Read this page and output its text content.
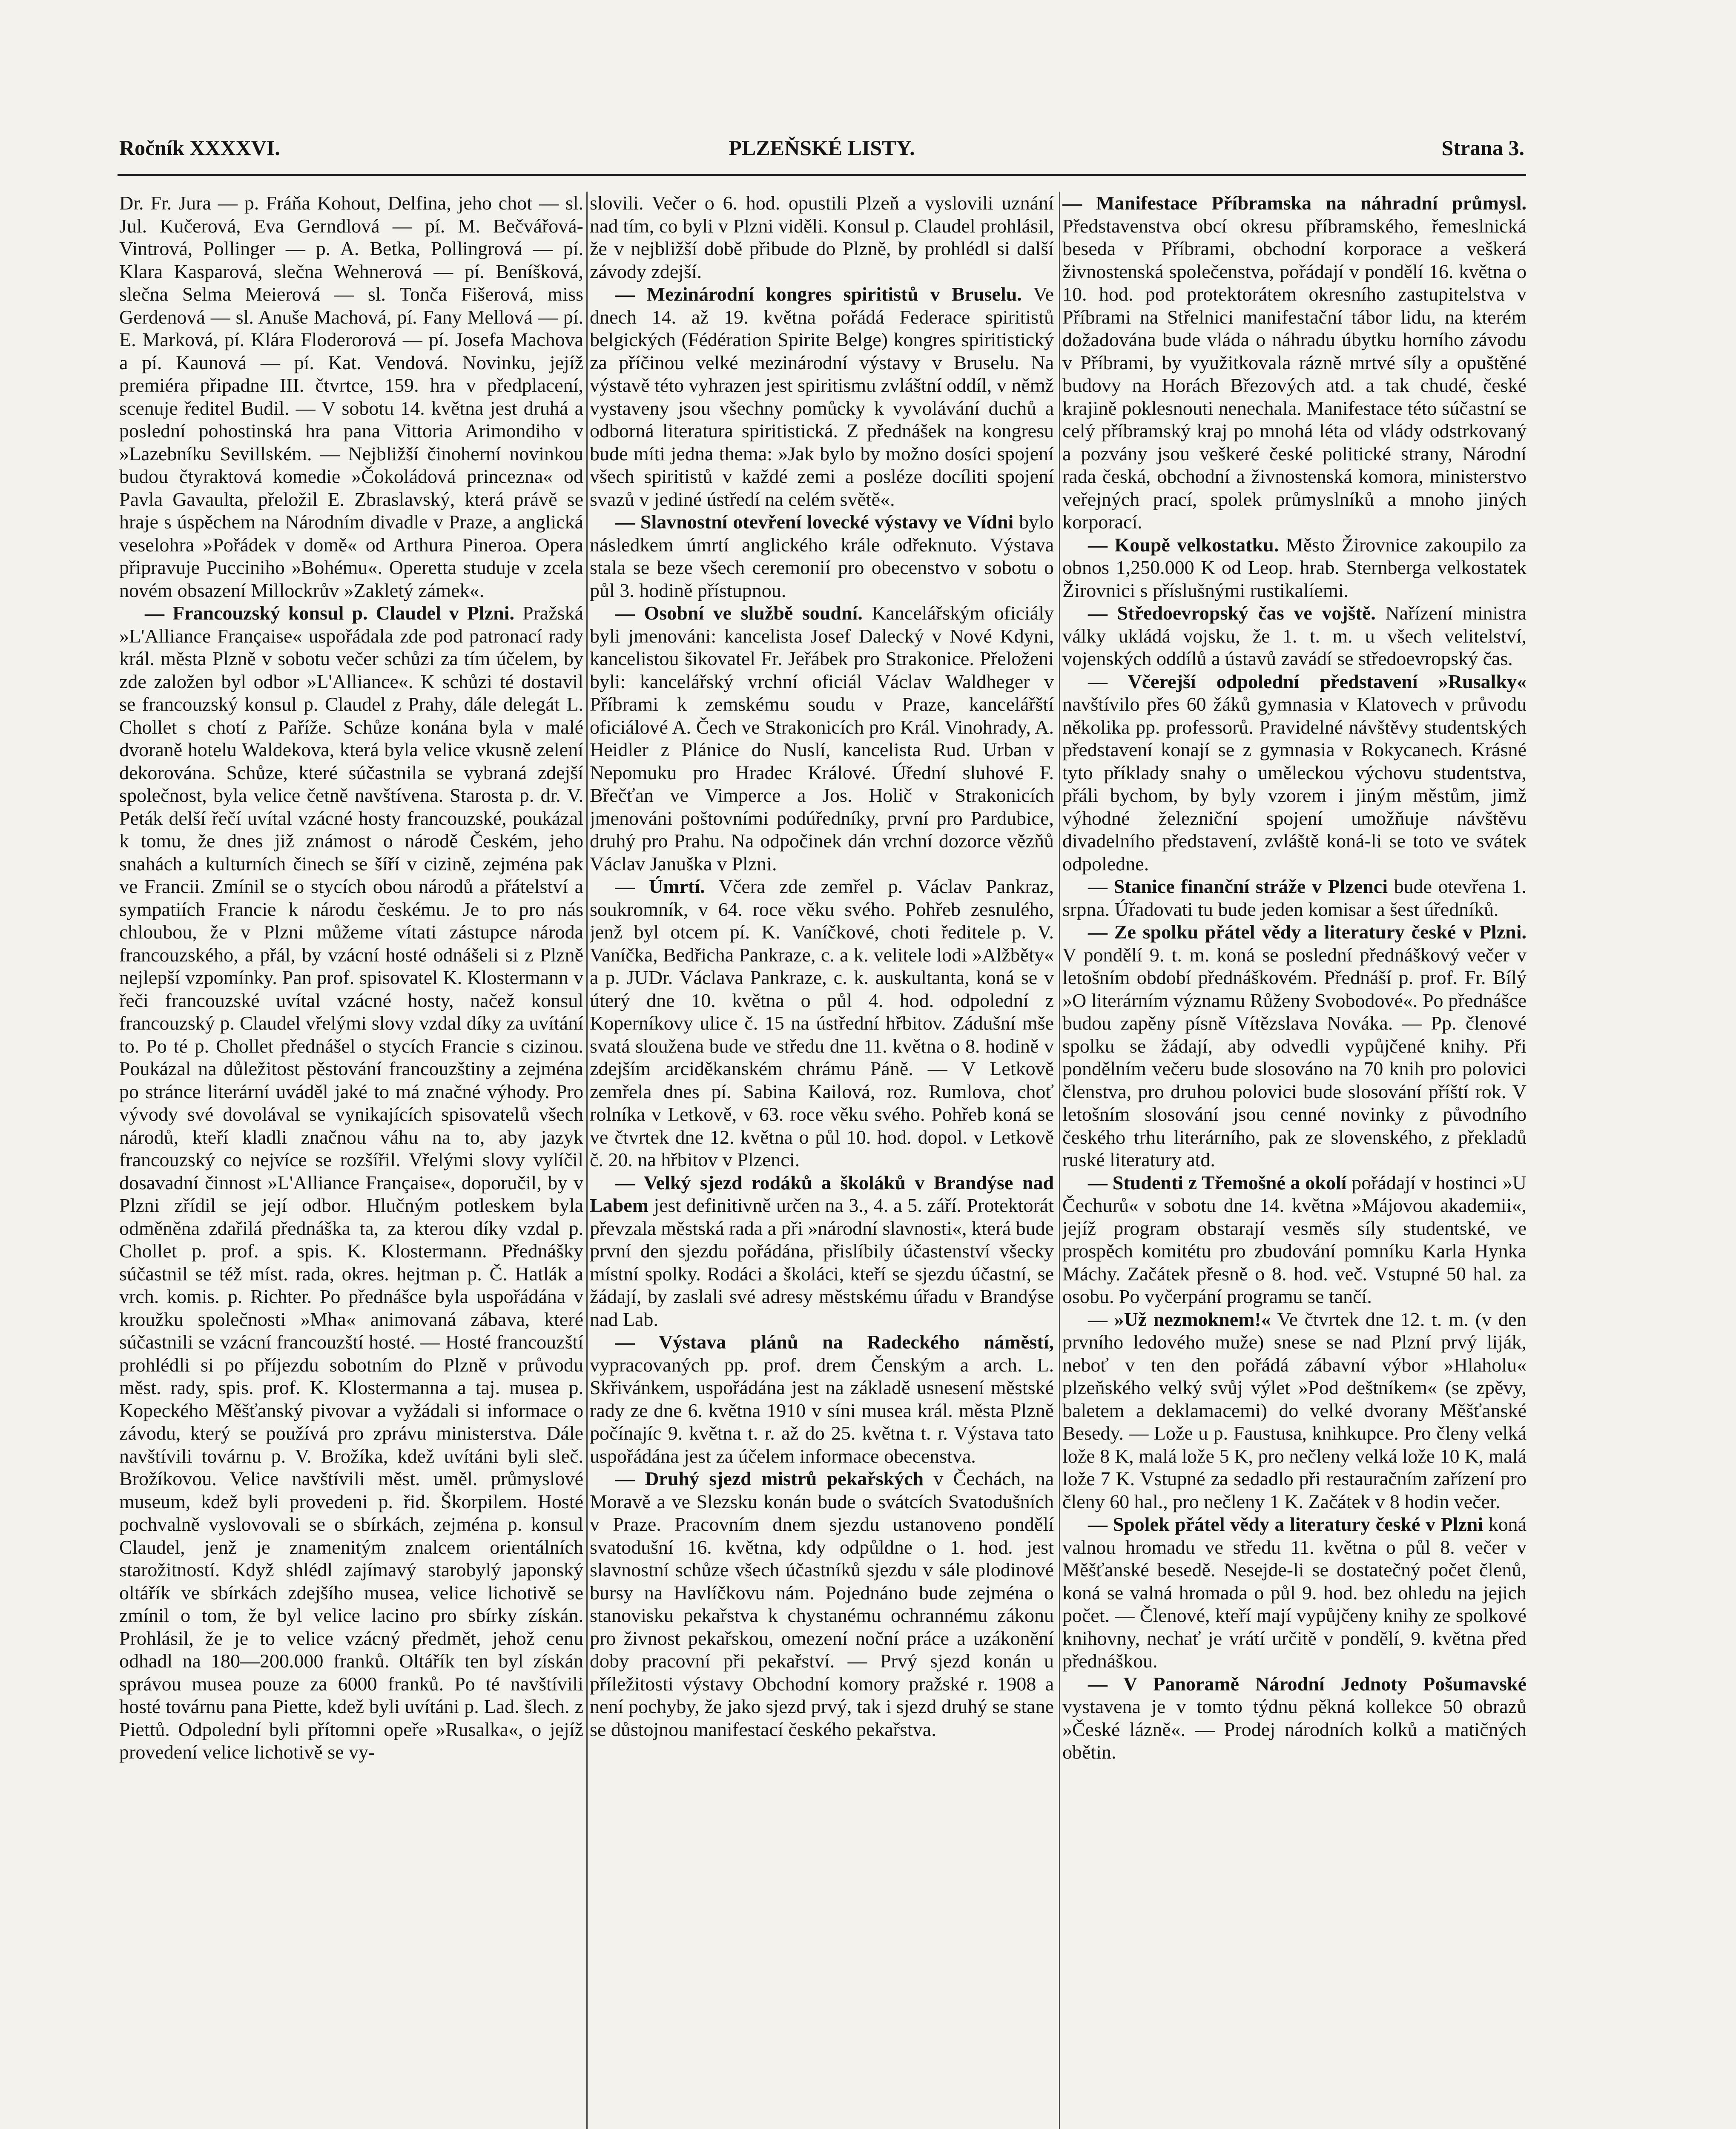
Ročník XXXXVI.	PLZEŇSKÉ LISTY.	Strana 3.

Dr. Fr. Jura — p. Fráňa Kohout, Delfina, jeho chot — sl. Jul. Kučerová, Eva Gerndlová — pí. M. Bečvářová-Vintrová, Pollinger — p. A. Betka, Pollingrová — pí. Klara Kasparová, slečna Wehnerová — pí. Beníšková, slečna Selma Meierová — sl. Tonča Fišerová, miss Gerdenová — sl. Anuše Machová, pí. Fany Mellová — pí. E. Marková, pí. Klára Floderorová — pí. Josefa Machova a pí. Kaunová — pí. Kat. Vendová. Novinku, jejíž premiéra připadne III. čtvrtce, 159. hra v předplacení, scenuje ředitel Budil. — V sobotu 14. května jest druhá a poslední pohostinská hra pana Vittoria Arimondiho v »Lazebníku Sevillském. — Nejbližší činoherní novinkou budou čtyraktová komedie »Čokoládová princezna« od Pavla Gavaulta, přeložil E. Zbraslavský, která právě se hraje s úspěchem na Národním divadle v Praze, a anglická veselohra »Pořádek v domě« od Arthura Pineroa. Opera připravuje Pucciniho »Bohému«. Operetta studuje v zcela novém obsazení Millockrův »Zakletý zámek«.

— Francouzský konsul p. Claudel v Plzni. Pražská »L'Alliance Française« uspořádala zde pod patronací rady král. města Plzně v sobotu večer schůzi za tím účelem, by zde založen byl odbor »L'Alliance«. K schůzi té dostavil se francouzský konsul p. Claudel z Prahy, dále delegát L. Chollet s chotí z Paříže. Schůze konána byla v malé dvoraně hotelu Waldekova, která byla velice vkusně zelení dekorována. Schůze, které súčastnila se vybraná zdejší společnost, byla velice četně navštívena. Starosta p. dr. V. Peták delší řečí uvítal vzácné hosty francouzské, poukázal k tomu, že dnes již známost o národě Českém, jeho snahách a kulturních činech se šíří v cizině, zejména pak ve Francii. Zmínil se o stycích obou národů a přátelství a sympatiích Francie k národu českému. Je to pro nás chloubou, že v Plzni můžeme vítati zástupce národa francouzského, a přál, by vzácní hosté odnášeli si z Plzně nejlepší vzpomínky. Pan prof. spisovatel K. Klostermann v řeči francouzské uvítal vzácné hosty, načež konsul francouzský p. Claudel vřelými slovy vzdal díky za uvítání to. Po té p. Chollet přednášel o stycích Francie s cizinou. Poukázal na důležitost pěstování francouzštiny a zejména po stránce literární uváděl jaké to má značné výhody. Pro vývody své dovolával se vynikajících spisovatelů všech národů, kteří kladli značnou váhu na to, aby jazyk francouzský co nejvíce se rozšířil. Vřelými slovy vylíčil dosavadní činnost »L'Alliance Française«, doporučil, by v Plzni zřídil se její odbor. Hlučným potleskem byla odměněna zdařilá přednáška ta, za kterou díky vzdal p. Chollet p. prof. a spis. K. Klostermann. Přednášky súčastnil se též míst. rada, okres. hejtman p. Č. Hatlák a vrch. komis. p. Richter. Po přednášce byla uspořádána v kroužku společnosti »Mha« animovaná zábava, které súčastnili se vzácní francouzští hosté. — Hosté francouzští prohlédli si po příjezdu sobotním do Plzně v průvodu měst. rady, spis. prof. K. Klostermanna a taj. musea p. Kopeckého Měšťanský pivovar a vyžádali si informace o závodu, který se používá pro zprávu ministerstva. Dále navštívili továrnu p. V. Brožíka, kdež uvítáni byli sleč. Brožíkovou. Velice navštívili měst. uměl. průmyslové museum, kdež byli provedeni p. řid. Škorpilem. Hosté pochvalně vyslovovali se o sbírkách, zejména p. konsul Claudel, jenž je znamenitým znalcem orientálních starožitností. Když shlédl zajímavý starobylý japonský oltářík ve sbírkách zdejšího musea, velice lichotivě se zmínil o tom, že byl velice lacino pro sbírky získán. Prohlásil, že je to velice vzácný předmět, jehož cenu odhadl na 180—200.000 franků. Oltářík ten byl získán správou musea pouze za 6000 franků. Po té navštívili hosté továrnu pana Piette, kdež byli uvítáni p. Lad. šlech. z Piettů. Odpolední byli přítomni opeře »Rusalka«, o jejíž provedení velice lichotivě se vy-

slovili. Večer o 6. hod. opustili Plzeň a vyslovili uznání nad tím, co byli v Plzni viděli. Konsul p. Claudel prohlásil, že v nejbližší době přibude do Plzně, by prohlédl si další závody zdejší.

— Mezinárodní kongres spiritistů v Bruselu. Ve dnech 14. až 19. května pořádá Federace spiritistů belgických (Fédération Spirite Belge) kongres spiritistický za příčinou velké mezinárodní výstavy v Bruselu. Na výstavě této vyhrazen jest spiritismu zvláštní oddíl, v němž vystaveny jsou všechny pomůcky k vyvolávání duchů a odborná literatura spiritistická. Z přednášek na kongresu bude míti jedna thema: »Jak bylo by možno dosíci spojení všech spiritistů v každé zemi a posléze docíliti spojení svazů v jediné ústředí na celém světě«.

— Slavnostní otevření lovecké výstavy ve Vídni bylo následkem úmrtí anglického krále odřeknuto. Výstava stala se beze všech ceremonií pro obecenstvo v sobotu o půl 3. hodině přístupnou.

— Osobní ve službě soudní. Kancelářským oficiály byli jmenováni: kancelista Josef Dalecký v Nové Kdyni, kancelistou šikovatel Fr. Jeřábek pro Strakonice. Přeloženi byli: kancelářský vrchní oficiál Václav Waldheger v Příbrami k zemskému soudu v Praze, kancelářští oficiálové A. Čech ve Strakonicích pro Král. Vinohrady, A. Heidler z Plánice do Nuslí, kancelista Rud. Urban v Nepomuku pro Hradec Králové. Úřední sluhové F. Břečťan ve Vimperce a Jos. Holič v Strakonicích jmenováni poštovními podúředníky, první pro Pardubice, druhý pro Prahu. Na odpočinek dán vrchní dozorce vězňů Václav Januška v Plzni.

— Úmrtí. Včera zde zemřel p. Václav Pankraz, soukromník, v 64. roce věku svého. Pohřeb zesnulého, jenž byl otcem pí. K. Vaníčkové, choti ředitele p. V. Vaníčka, Bedřicha Pankraze, c. a k. velitele lodi »Alžběty« a p. JUDr. Václava Pankraze, c. k. auskultanta, koná se v úterý dne 10. května o půl 4. hod. odpolední z Koperníkovy ulice č. 15 na ústřední hřbitov. Zádušní mše svatá sloužena bude ve středu dne 11. května o 8. hodině v zdejším arciděkanském chrámu Páně. — V Letkově zemřela dnes pí. Sabina Kailová, roz. Rumlova, choť rolníka v Letkově, v 63. roce věku svého. Pohřeb koná se ve čtvrtek dne 12. května o půl 10. hod. dopol. v Letkově č. 20. na hřbitov v Plzenci.

— Velký sjezd rodáků a školáků v Brandýse nad Labem jest definitivně určen na 3., 4. a 5. září. Protektorát převzala městská rada a při »národní slavnosti«, která bude první den sjezdu pořádána, přislíbily účastenství všecky místní spolky. Rodáci a školáci, kteří se sjezdu účastní, se žádají, by zaslali své adresy městskému úřadu v Brandýse nad Lab.

— Výstava plánů na Radeckého náměstí, vypracovaných pp. prof. drem Čenským a arch. L. Skřivánkem, uspořádána jest na základě usnesení městské rady ze dne 6. května 1910 v síni musea král. města Plzně počínajíc 9. května t. r. až do 25. května t. r. Výstava tato uspořádána jest za účelem informace obecenstva.

— Druhý sjezd mistrů pekařských v Čechách, na Moravě a ve Slezsku konán bude o svátcích Svatodušních v Praze. Pracovním dnem sjezdu ustanoveno pondělí svatodušní 16. května, kdy odpůldne o 1. hod. jest slavnostní schůze všech účastníků sjezdu v sále plodinové bursy na Havlíčkovu nám. Pojednáno bude zejména o stanovisku pekařstva k chystanému ochrannému zákonu pro živnost pekařskou, omezení noční práce a uzákonění doby pracovní při pekařství. — Prvý sjezd konán u příležitosti výstavy Obchodní komory pražské r. 1908 a není pochyby, že jako sjezd prvý, tak i sjezd druhý se stane se důstojnou manifestací českého pekařstva.

— Manifestace Příbramska na náhradní průmysl. Představenstva obcí okresu příbramského, řemeslnická beseda v Příbrami, obchodní korporace a veškerá živnostenská společenstva, pořádají v pondělí 16. května o 10. hod. pod protektorátem okresního zastupitelstva v Příbrami na Střelnici manifestační tábor lidu, na kterém dožadována bude vláda o náhradu úbytku horního závodu v Příbrami, by využitkovala rázně mrtvé síly a opuštěné budovy na Horách Březových atd. a tak chudé, české krajině poklesnouti nenechala. Manifestace této súčastní se celý příbramský kraj po mnohá léta od vlády odstrkovaný a pozvány jsou veškeré české politické strany, Národní rada česká, obchodní a živnostenská komora, ministerstvo veřejných prací, spolek průmyslníků a mnoho jiných korporací.

— Koupě velkostatku. Město Žirovnice zakoupilo za obnos 1,250.000 K od Leop. hrab. Sternberga velkostatek Žirovnici s příslušnými rustikalíemi.

— Středoevropský čas ve vojště. Nařízení ministra války ukládá vojsku, že 1. t. m. u všech velitelství, vojenských oddílů a ústavů zavádí se středoevropský čas.

— Včerejší odpolední představení »Rusalky« navštívilo přes 60 žáků gymnasia v Klatovech v průvodu několika pp. professorů. Pravidelné návštěvy studentských představení konají se z gymnasia v Rokycanech. Krásné tyto příklady snahy o uměleckou výchovu studentstva, přáli bychom, by byly vzorem i jiným městům, jimž výhodné železniční spojení umožňuje návštěvu divadelního představení, zvláště koná-li se toto ve svátek odpoledne.

— Stanice finanční stráže v Plzenci bude otevřena 1. srpna. Úřadovati tu bude jeden komisar a šest úředníků.

— Ze spolku přátel vědy a literatury české v Plzni. V pondělí 9. t. m. koná se poslední přednáškový večer v letošním období přednáškovém. Přednáší p. prof. Fr. Bílý »O literárním významu Růženy Svobodové«. Po přednášce budou zapěny písně Vítězslava Nováka. — Pp. členové spolku se žádají, aby odvedli vypůjčené knihy. Při pondělním večeru bude slosováno na 70 knih pro polovici členstva, pro druhou polovici bude slosování příští rok. V letošním slosování jsou cenné novinky z původního českého trhu literárního, pak ze slovenského, z překladů ruské literatury atd.

— Studenti z Třemošné a okolí pořádají v hostinci »U Čechurů« v sobotu dne 14. května »Májovou akademii«, jejíž program obstarají vesměs síly studentské, ve prospěch komitétu pro zbudování pomníku Karla Hynka Máchy. Začátek přesně o 8. hod. več. Vstupné 50 hal. za osobu. Po vyčerpání programu se tančí.

— »Už nezmoknem!« Ve čtvrtek dne 12. t. m. (v den prvního ledového muže) snese se nad Plzní prvý liják, neboť v ten den pořádá zábavní výbor »Hlaholu« plzeňského velký svůj výlet »Pod deštníkem« (se zpěvy, baletem a deklamacemi) do velké dvorany Měšťanské Besedy. — Lože u p. Faustusa, knihkupce. Pro členy velká lože 8 K, malá lože 5 K, pro nečleny velká lože 10 K, malá lože 7 K. Vstupné za sedadlo při restauračním zařízení pro členy 60 hal., pro nečleny 1 K. Začátek v 8 hodin večer.

— Spolek přátel vědy a literatury české v Plzni koná valnou hromadu ve středu 11. května o půl 8. večer v Měšťanské besedě. Nesejde-li se dostatečný počet členů, koná se valná hromada o půl 9. hod. bez ohledu na jejich počet. — Členové, kteří mají vypůjčeny knihy ze spolkové knihovny, nechať je vrátí určitě v pondělí, 9. května před přednáškou.

— V Panoramě Národní Jednoty Pošumavské vystavena je v tomto týdnu pěkná kollekce 50 obrazů »České lázně«. — Prodej národních kolků a matičných obětin.
